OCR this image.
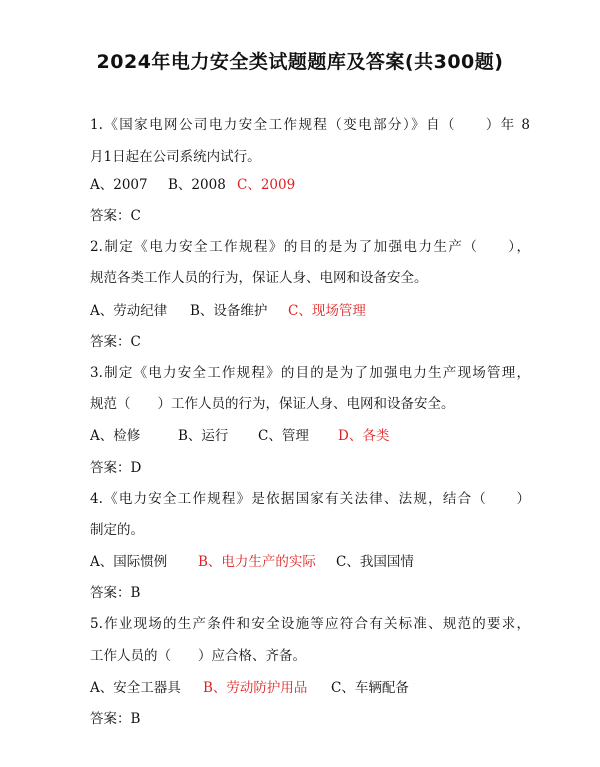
2024年电力安全类试题题库及答案(共300题)
1.《国家电网公司电力安全工作规程（变电部分）》自（　　）年 8
月1日起在公司系统内试行。
A、2007 B、2008 C、2009
答案：C
2.制定《电力安全工作规程》的目的是为了加强电力生产（　　），
规范各类工作人员的行为，保证人身、电网和设备安全。
A、劳动纪律 B、设备维护 C、现场管理
答案：C
3.制定《电力安全工作规程》的目的是为了加强电力生产现场管理，
规范（　　）工作人员的行为，保证人身、电网和设备安全。
A、检修	B、运行 C、管理 D、各类
答案：D
4.《电力安全工作规程》是依据国家有关法律、法规，结合（　　）
制定的。
A、国际惯例 B、电力生产的实际 C、我国国情
答案：B
5.作业现场的生产条件和安全设施等应符合有关标准、规范的要求，
工作人员的（　　）应合格、齐备。
A、安全工器具 B、劳动防护用品 C、车辆配备
答案：B
